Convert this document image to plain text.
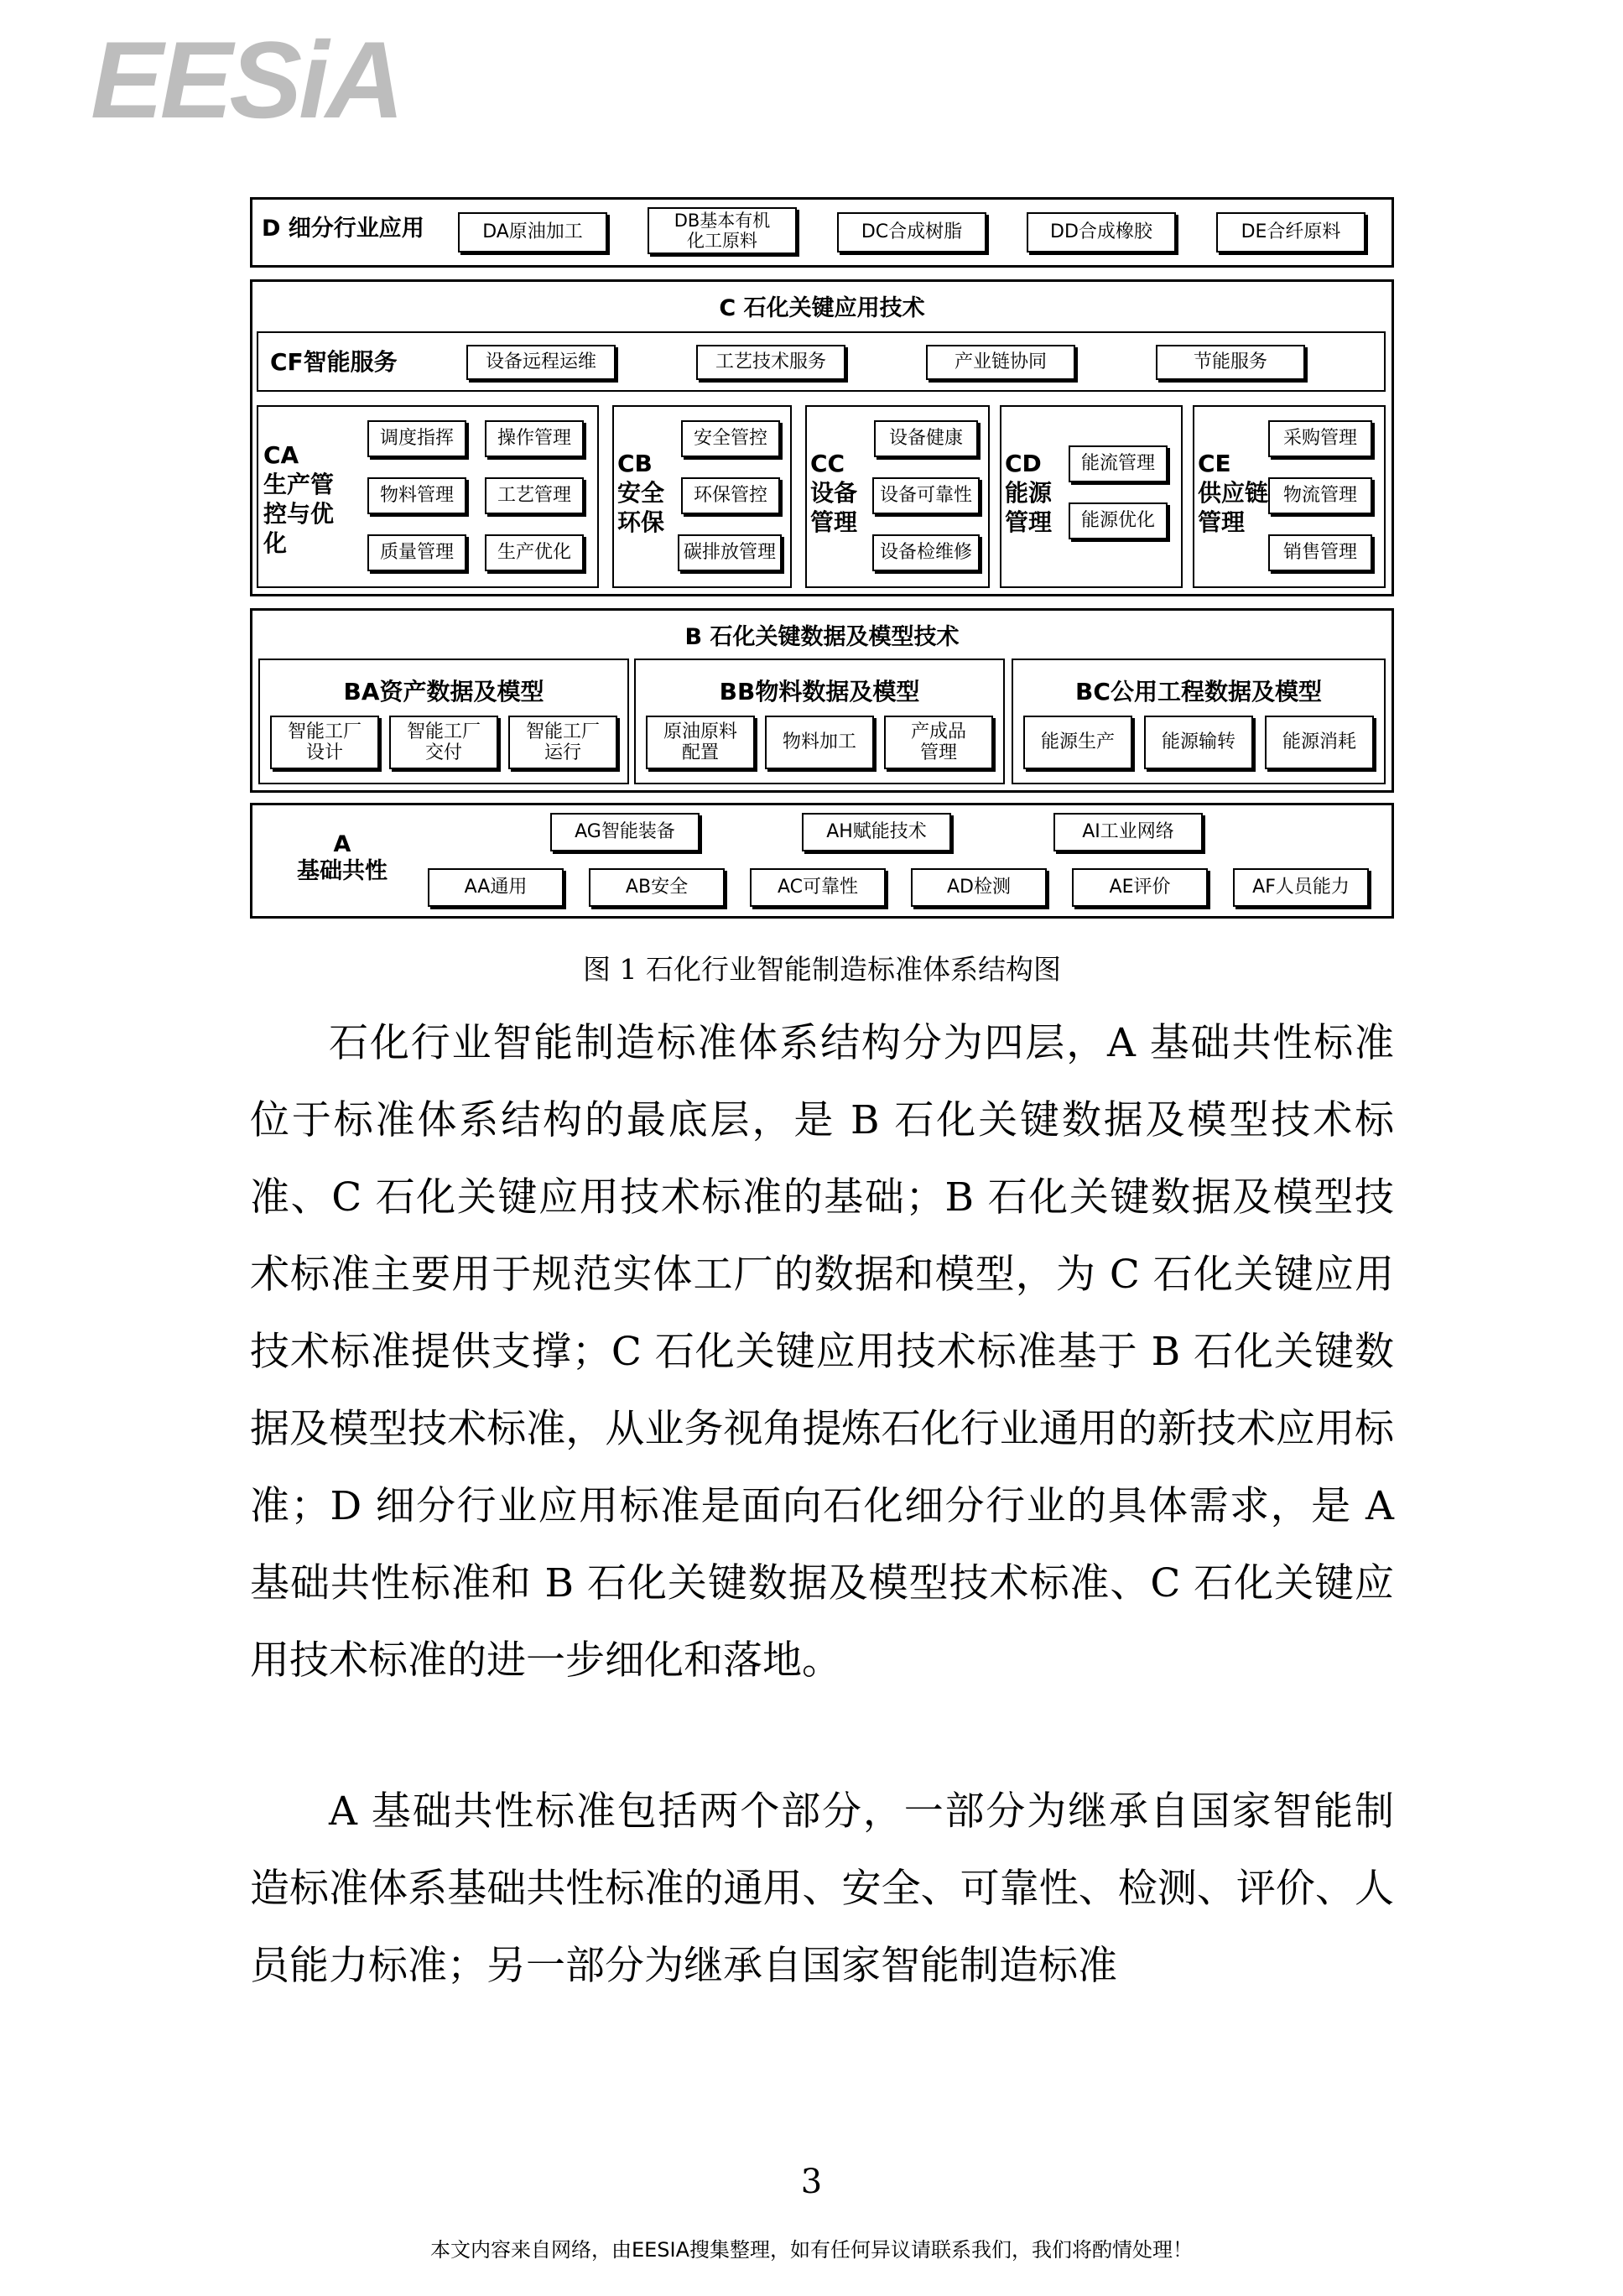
EESiA
D 细分行业应用	DA原油加工
DB基本有机
化工原料	DC合成树脂	DD合成橡胶	DE合纤原料
C 石化关键应用技术
CF智能服务	设备远程运维	工艺技术服务	产业链协同	节能服务
CA
生产管
控与优
化
调度指挥	操作管理
物料管理	工艺管理
质量管理	生产优化
CB
安全
环保
安全管控
环保管控
碳排放管理
CC
设备
管理
设备健康
设备可靠性
设备检维修
CD
能源
管理
能流管理
能源优化
CE
供应链
管理
采购管理
物流管理
销售管理
B 石化关键数据及模型技术
BA资产数据及模型
智能工厂
设计
智能工厂
交付
智能工厂
运行
BB物料数据及模型
原油原料
配置
物料加工
产成品
管理
BC公用工程数据及模型
能源生产	能源输转	能源消耗
A
基础共性
AG智能装备	AH赋能技术	AI工业网络
AA通用	AB安全	AC可靠性	AD检测	AE评价	AF人员能力
图 1 石化行业智能制造标准体系结构图

石化行业智能制造标准体系结构分为四层，A 基础共性标准位于标准体系结构的最底层，是 B 石化关键数据及模型技术标准、C 石化关键应用技术标准的基础；B 石化关键数据及模型技术标准主要用于规范实体工厂的数据和模型，为 C 石化关键应用技术标准提供支撑；C 石化关键应用技术标准基于 B 石化关键数据及模型技术标准，从业务视角提炼石化行业通用的新技术应用标准；D 细分行业应用标准是面向石化细分行业的具体需求，是 A 基础共性标准和 B 石化关键数据及模型技术标准、C 石化关键应用技术标准的进一步细化和落地。

A 基础共性标准包括两个部分，一部分为继承自国家智能制造标准体系基础共性标准的通用、安全、可靠性、检测、评价、人员能力标准；另一部分为继承自国家智能制造标准

3
本文内容来自网络，由EESIA搜集整理，如有任何异议请联系我们，我们将酌情处理！
